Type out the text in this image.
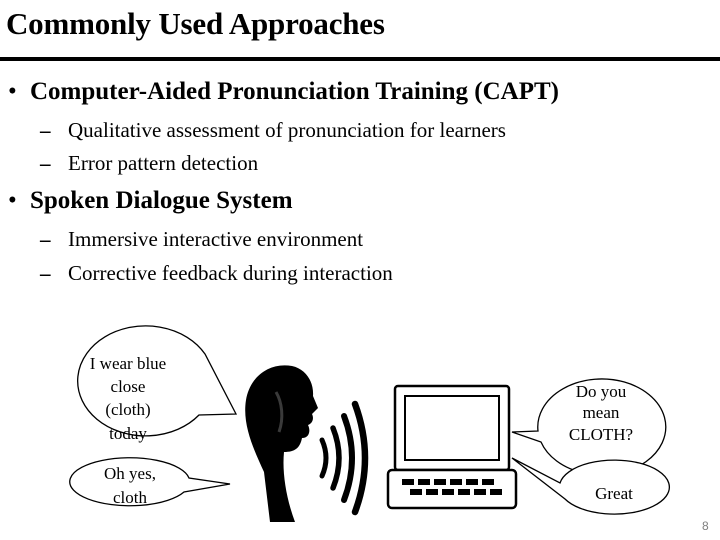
Commonly Used Approaches
• Computer-Aided Pronunciation Training (CAPT)
– Qualitative assessment of pronunciation for learners
– Error pattern detection
• Spoken Dialogue System
– Immersive interactive environment
– Corrective feedback during interaction
I wear blue
close
(cloth)
today
Oh yes,
cloth
Do you
mean
CLOTH?
Great
8
